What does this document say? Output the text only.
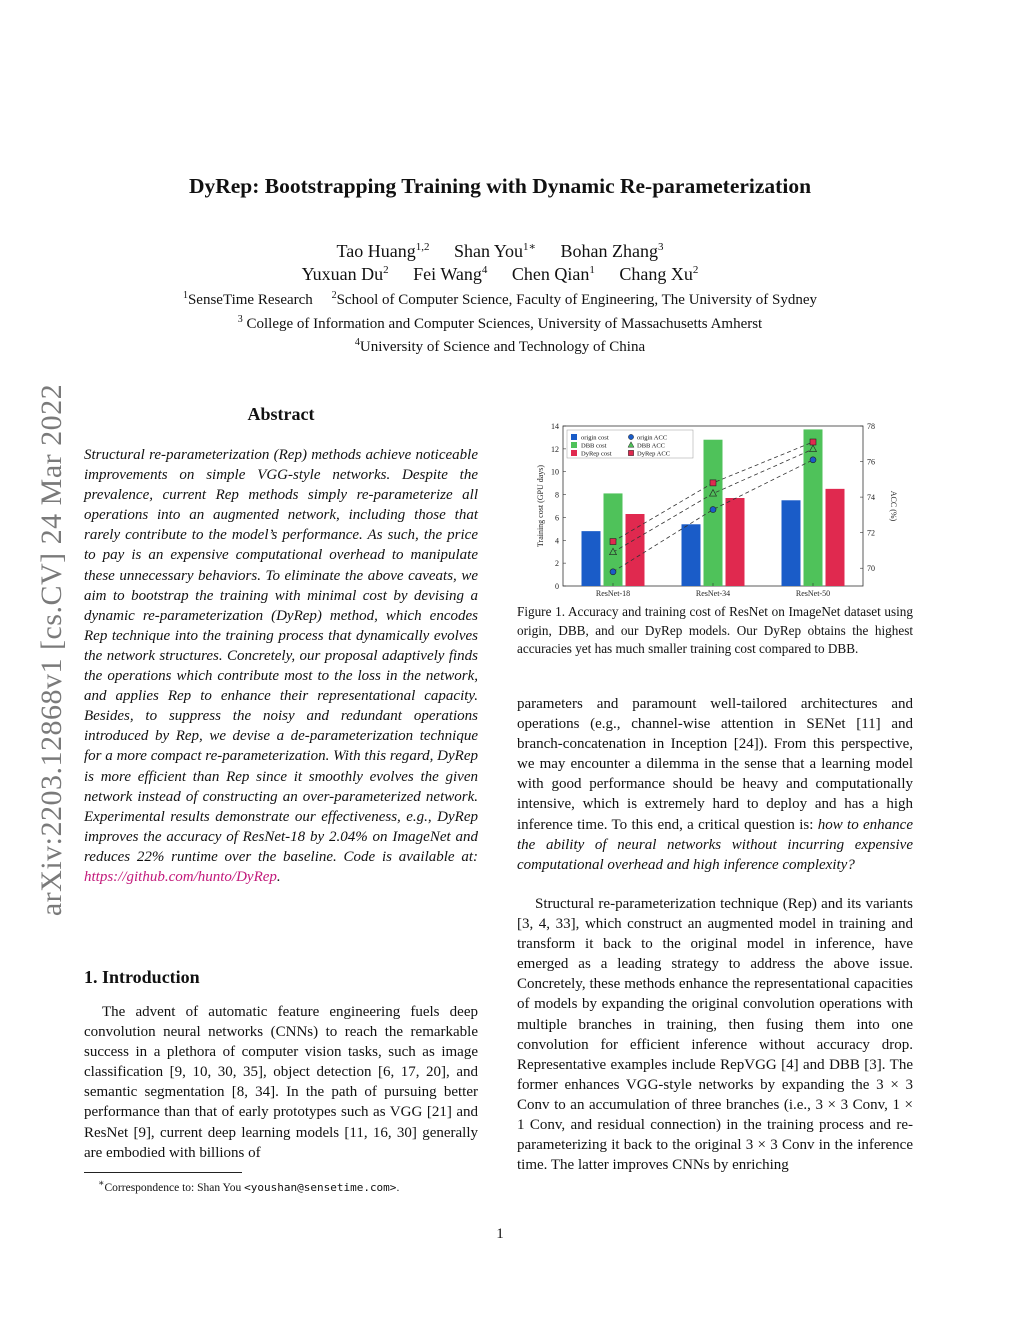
arXiv:2203.12868v1 [cs.CV] 24 Mar 2022
DyRep: Bootstrapping Training with Dynamic Re-parameterization
Tao Huang$^{1,2}$ Shan You$^{1∗}$ Bohan Zhang$^3$
Yuxuan Du$^2$ Fei Wang$^4$ Chen Qian$^1$ Chang Xu$^2$
$^1$SenseTime Research $^2$School of Computer Science, Faculty of Engineering, The University of Sydney
$^3$ College of Information and Computer Sciences, University of Massachusetts Amherst
$^4$University of Science and Technology of China
Abstract
Structural re-parameterization (Rep) methods achieve noticeable improvements on simple VGG-style networks. Despite the prevalence, current Rep methods simply re-parameterize all operations into an augmented network, including those that rarely contribute to the model’s performance. As such, the price to pay is an expensive computational overhead to manipulate these unnecessary behaviors. To eliminate the above caveats, we aim to bootstrap the training with minimal cost by devising a dynamic re-parameterization (DyRep) method, which encodes Rep technique into the training process that dynamically evolves the network structures. Concretely, our proposal adaptively finds the operations which contribute most to the loss in the network, and applies Rep to enhance their representational capacity. Besides, to suppress the noisy and redundant operations introduced by Rep, we devise a de-parameterization technique for a more compact re-parameterization. With this regard, DyRep is more efficient than Rep since it smoothly evolves the given network instead of constructing an over-parameterized network. Experimental results demonstrate our effectiveness, e.g., DyRep improves the accuracy of ResNet-18 by 2.04% on ImageNet and reduces 22% runtime over the baseline. Code is available at: https://github.com/hunto/DyRep.
1. Introduction
The advent of automatic feature engineering fuels deep convolution neural networks (CNNs) to reach the remarkable success in a plethora of computer vision tasks, such as image classification [9, 10, 30, 35], object detection [6, 17, 20], and semantic segmentation [8, 34]. In the path of pursuing better performance than that of early prototypes such as VGG [21] and ResNet [9], current deep learning models [11, 16, 30] generally are embodied with billions of
∗Correspondence to: Shan You <youshan@sensetime.com>.
origin cost
DBB cost
DyRep cost
origin ACC
DBB ACC
DyRep ACC
0
2
4
6
8
10
12
14
70
72
74
76
78
Training cost (GPU days)	ACC (%)
ResNet-18	ResNet-34	ResNet-50
Figure 1. Accuracy and training cost of ResNet on ImageNet dataset using origin, DBB, and our DyRep models. Our DyRep obtains the highest accuracies yet has much smaller training cost compared to DBB.
parameters and paramount well-tailored architectures and operations (e.g., channel-wise attention in SENet [11] and branch-concatenation in Inception [24]). From this perspective, we may encounter a dilemma in the sense that a learning model with good performance should be heavy and computationally intensive, which is extremely hard to deploy and has a high inference time. To this end, a critical question is: how to enhance the ability of neural networks without incurring expensive computational overhead and high inference complexity?
Structural re-parameterization technique (Rep) and its variants [3, 4, 33], which construct an augmented model in training and transform it back to the original model in inference, have emerged as a leading strategy to address the above issue. Concretely, these methods enhance the representational capacities of models by expanding the original convolution operations with multiple branches in training, then fusing them into one convolution for efficient inference without accuracy drop. Representative examples include RepVGG [4] and DBB [3]. The former enhances VGG-style networks by expanding the 3 × 3 Conv to an accumulation of three branches (i.e., 3 × 3 Conv, 1 × 1 Conv, and residual connection) in the training process and re-parameterizing it back to the original 3 × 3 Conv in the inference time. The latter improves CNNs by enriching
1
